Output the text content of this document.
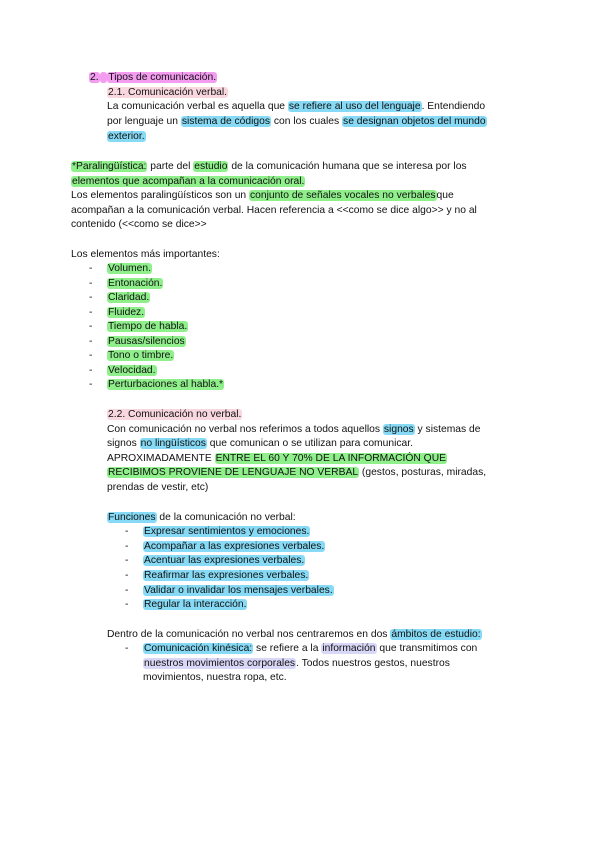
2. Tipos de comunicación.
2.1. Comunicación verbal.
La comunicación verbal es aquella que se refiere al uso del lenguaje. Entendiendo
por lenguaje un sistema de códigos con los cuales se designan objetos del mundo
exterior.
*Paralingüística: parte del estudio de la comunicación humana que se interesa por los
elementos que acompañan a la comunicación oral.
Los elementos paralingüísticos son un conjunto de señales vocales no verbalesque
acompañan a la comunicación verbal. Hacen referencia a <<como se dice algo>> y no al
contenido (<<como se dice>>
Los elementos más importantes:
-	Volumen.
-	Entonación.
-	Claridad.
-	Fluidez.
-	Tiempo de habla.
-	Pausas/silencios
-	Tono o timbre.
-	Velocidad.
-	Perturbaciones al habla.*
2.2. Comunicación no verbal.
Con comunicación no verbal nos referimos a todos aquellos signos y sistemas de
signos no lingüísticos que comunican o se utilizan para comunicar.
APROXIMADAMENTE ENTRE EL 60 Y 70% DE LA INFORMACIÓN QUE
RECIBIMOS PROVIENE DE LENGUAJE NO VERBAL (gestos, posturas, miradas,
prendas de vestir, etc)
Funciones de la comunicación no verbal:
-	Expresar sentimientos y emociones.
-	Acompañar a las expresiones verbales.
-	Acentuar las expresiones verbales.
-	Reafirmar las expresiones verbales.
-	Validar o invalidar los mensajes verbales.
-	Regular la interacción.
Dentro de la comunicación no verbal nos centraremos en dos ámbitos de estudio:
-	Comunicación kinésica: se refiere a la información que transmitimos con
nuestros movimientos corporales. Todos nuestros gestos, nuestros
movimientos, nuestra ropa, etc.
